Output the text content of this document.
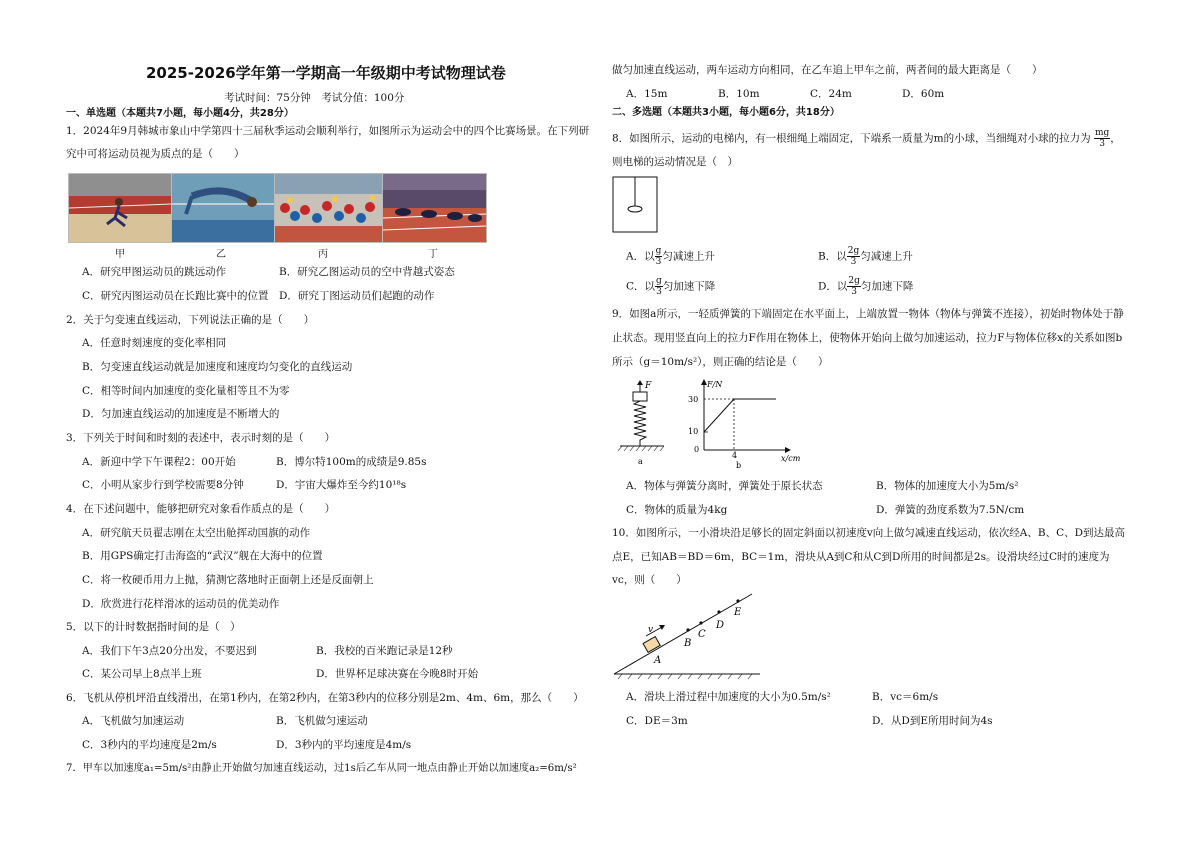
2025-2026学年第一学期高一年级期中考试物理试卷
考试时间：75分钟　考试分值：100分
一、单选题（本题共7小题，每小题4分，共28分）
1．2024年9月韩城市象山中学第四十三届秋季运动会顺利举行，如图所示为运动会中的四个比赛场景。在下列研
究中可将运动员视为质点的是（　　）
甲	乙	丙	丁
A．研究甲图运动员的跳远动作	B．研究乙图运动员的空中背越式姿态
C．研究丙图运动员在长跑比赛中的位置 D．研究丁图运动员们起跑的动作
2．关于匀变速直线运动，下列说法正确的是（　　）
A．任意时刻速度的变化率相同
B．匀变速直线运动就是加速度和速度均匀变化的直线运动
C．相等时间内加速度的变化量相等且不为零
D．匀加速直线运动的加速度是不断增大的
3．下列关于时间和时刻的表述中，表示时刻的是（　　）
A．新迎中学下午课程2：00开始	B．博尔特100m的成绩是9.85s
C．小明从家步行到学校需要8分钟	D．宇宙大爆炸至今约10¹⁸s
4．在下述问题中，能够把研究对象看作质点的是（　　）
A．研究航天员翟志刚在太空出舱挥动国旗的动作
B．用GPS确定打击海盗的“武汉”舰在大海中的位置
C．将一枚硬币用力上抛，猜测它落地时正面朝上还是反面朝上
D．欣赏进行花样滑冰的运动员的优美动作
5．以下的计时数据指时间的是（　）
A．我们下午3点20分出发，不要迟到	B．我校的百米跑记录是12秒
C．某公司早上8点半上班	D．世界杯足球决赛在今晚8时开始
6．飞机从停机坪沿直线滑出，在第1秒内，在第2秒内，在第3秒内的位移分别是2m、4m、6m，那么（　　）
A．飞机做匀加速运动	B．飞机做匀速运动
C．3秒内的平均速度是2m/s	D．3秒内的平均速度是4m/s
7．甲车以加速度a₁=5m/s²由静止开始做匀加速直线运动，过1s后乙车从同一地点由静止开始以加速度a₂=6m/s²
做匀加速直线运动，两车运动方向相同，在乙车追上甲车之前，两者间的最大距离是（　　）
A．15m	B．10m	C．24m	D．60m
二、多选题（本题共3小题，每小题6分，共18分）
8．如图所示，运动的电梯内，有一根细绳上端固定，下端系一质量为m的小球，当细绳对小球的拉力为 $\frac{mg}{3}$ ，
则电梯的运动情况是（　）
A．以 $\frac{g}{3}$ 匀减速上升	B．以 $\frac{2g}{3}$ 匀减速上升
C．以 $\frac{g}{3}$ 匀加速下降	D．以 $\frac{2g}{3}$ 匀加速下降
9．如图a所示，一轻质弹簧的下端固定在水平面上，上端放置一物体（物体与弹簧不连接），初始时物体处于静
止状态。现用竖直向上的拉力F作用在物体上，使物体开始向上做匀加速运动，拉力F与物体位移x的关系如图b
所示（g＝10m/s²），则正确的结论是（　　）
F
a
F/N
x/cm
30
10
0
4
b
A．物体与弹簧分离时，弹簧处于原长状态	B．物体的加速度大小为5m/s²
C．物体的质量为4kg	D．弹簧的劲度系数为7.5N/cm
10．如图所示，一小滑块沿足够长的固定斜面以初速度v向上做匀减速直线运动，依次经A、B、C、D到达最高
点E，已知AB＝BD＝6m，BC＝1m，滑块从A到C和从C到D所用的时间都是2s。设滑块经过C时的速度为
vc，则（　　）
v
A
B
C
D
E
A．滑块上滑过程中加速度的大小为0.5m/s²	B．vc＝6m/s
C．DE＝3m	D．从D到E所用时间为4s
